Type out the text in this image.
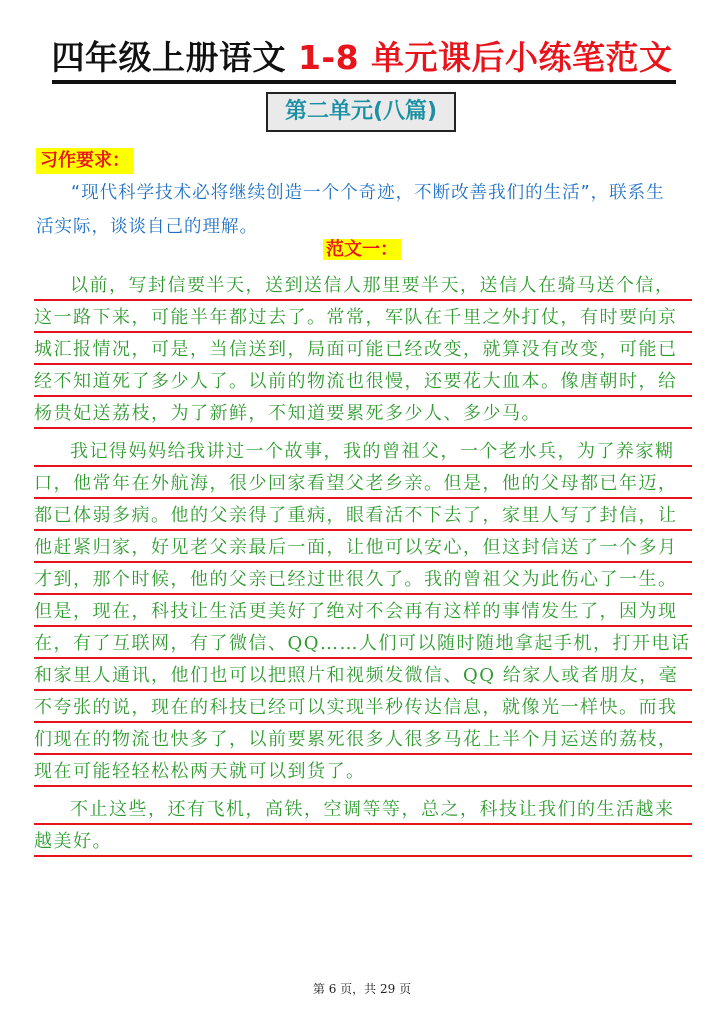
四年级上册语文 1-8 单元课后小练笔范文
第二单元(八篇)
习作要求：

“现代科学技术必将继续创造一个个奇迹，不断改善我们的生活”，联系生活实际，谈谈自己的理解。

范文一：

以前，写封信要半天，送到送信人那里要半天，送信人在骑马送个信，这一路下来，可能半年都过去了。常常，军队在千里之外打仗，有时要向京城汇报情况，可是，当信送到，局面可能已经改变，就算没有改变，可能已经不知道死了多少人了。以前的物流也很慢，还要花大血本。像唐朝时，给杨贵妃送荔枝，为了新鲜，不知道要累死多少人、多少马。

我记得妈妈给我讲过一个故事，我的曾祖父，一个老水兵，为了养家糊口，他常年在外航海，很少回家看望父老乡亲。但是，他的父母都已年迈，都已体弱多病。他的父亲得了重病，眼看活不下去了，家里人写了封信，让他赶紧归家，好见老父亲最后一面，让他可以安心，但这封信送了一个多月才到，那个时候，他的父亲已经过世很久了。我的曾祖父为此伤心了一生。但是，现在，科技让生活更美好了绝对不会再有这样的事情发生了，因为现在，有了互联网，有了微信、QQ……人们可以随时随地拿起手机，打开电话和家里人通讯，他们也可以把照片和视频发微信、QQ 给家人或者朋友，毫不夸张的说，现在的科技已经可以实现半秒传达信息，就像光一样快。而我们现在的物流也快多了，以前要累死很多人很多马花上半个月运送的荔枝，现在可能轻轻松松两天就可以到货了。

不止这些，还有飞机，高铁，空调等等，总之，科技让我们的生活越来越美好。

第 6 页，共 29 页
